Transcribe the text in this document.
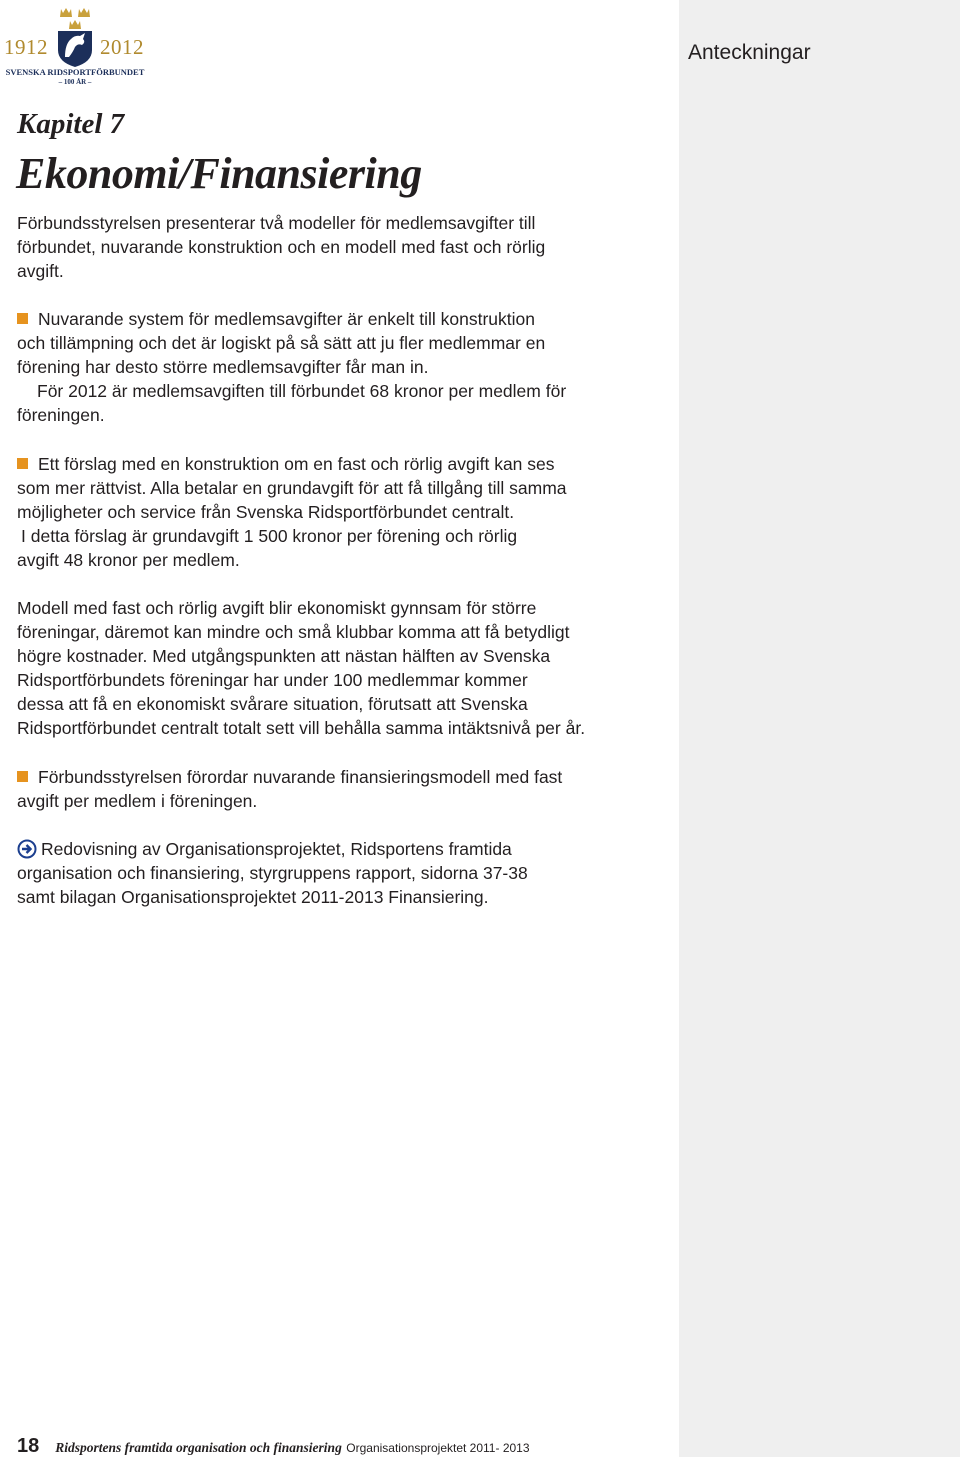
1912 2012
SVENSKA RIDSPORTFÖRBUNDET
– 100 ÅR –
Anteckningar
Kapitel 7
Ekonomi/Finansiering

Förbundsstyrelsen presenterar två modeller för medlemsavgifter till
förbundet, nuvarande konstruktion och en modell med fast och rörlig
avgift.

Nuvarande system för medlemsavgifter är enkelt till konstruktion
och tillämpning och det är logiskt på så sätt att ju fler medlemmar en
förening har desto större medlemsavgifter får man in.
För 2012 är medlemsavgiften till förbundet 68 kronor per medlem för
föreningen.

Ett förslag med en konstruktion om en fast och rörlig avgift kan ses
som mer rättvist. Alla betalar en grundavgift för att få tillgång till samma
möjligheter och service från Svenska Ridsportförbundet centralt.
I detta förslag är grundavgift 1 500 kronor per förening och rörlig
avgift 48 kronor per medlem.

Modell med fast och rörlig avgift blir ekonomiskt gynnsam för större
föreningar, däremot kan mindre och små klubbar komma att få betydligt
högre kostnader. Med utgångspunkten att nästan hälften av Svenska
Ridsportförbundets föreningar har under 100 medlemmar kommer
dessa att få en ekonomiskt svårare situation, förutsatt att Svenska
Ridsportförbundet centralt totalt sett vill behålla samma intäktsnivå per år.

Förbundsstyrelsen förordar nuvarande finansieringsmodell med fast
avgift per medlem i föreningen.

Redovisning av Organisationsprojektet, Ridsportens framtida
organisation och finansiering, styrgruppens rapport, sidorna 37-38
samt bilagan Organisationsprojektet 2011-2013 Finansiering.

18 Ridsportens framtida organisation och finansiering Organisationsprojektet 2011- 2013
